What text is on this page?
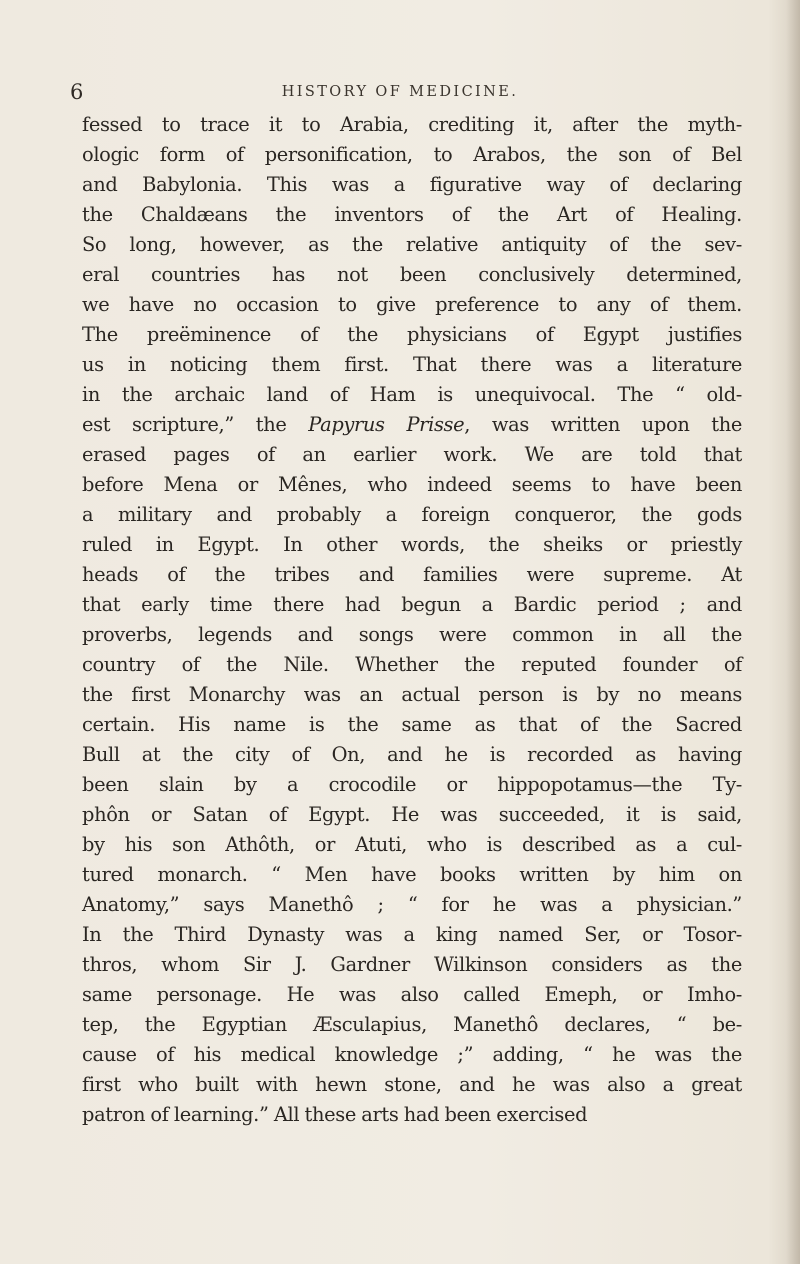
6	HISTORY OF MEDICINE.
fessed to trace it to Arabia, crediting it, after the myth-
ologic form of personification, to Arabos, the son of Bel
and Babylonia. This was a figurative way of declaring
the Chaldæans the inventors of the Art of Healing.
So long, however, as the relative antiquity of the sev-
eral countries has not been conclusively determined,
we have no occasion to give preference to any of them.
The preëminence of the physicians of Egypt justifies
us in noticing them first. That there was a literature
in the archaic land of Ham is unequivocal. The “ old-
est scripture,” the Papyrus Prisse, was written upon the
erased pages of an earlier work. We are told that
before Mena or Mênes, who indeed seems to have been
a military and probably a foreign conqueror, the gods
ruled in Egypt. In other words, the sheiks or priestly
heads of the tribes and families were supreme. At
that early time there had begun a Bardic period ; and
proverbs, legends and songs were common in all the
country of the Nile. Whether the reputed founder of
the first Monarchy was an actual person is by no means
certain. His name is the same as that of the Sacred
Bull at the city of On, and he is recorded as having
been slain by a crocodile or hippopotamus—the Ty-
phôn or Satan of Egypt. He was succeeded, it is said,
by his son Athôth, or Atuti, who is described as a cul-
tured monarch. “ Men have books written by him on
Anatomy,” says Manethô ; “ for he was a physician.”
In the Third Dynasty was a king named Ser, or Tosor-
thros, whom Sir J. Gardner Wilkinson considers as the
same personage. He was also called Emeph, or Imho-
tep, the Egyptian Æsculapius, Manethô declares, “ be-
cause of his medical knowledge ;” adding, “ he was the
first who built with hewn stone, and he was also a great
patron of learning.” All these arts had been exercised
